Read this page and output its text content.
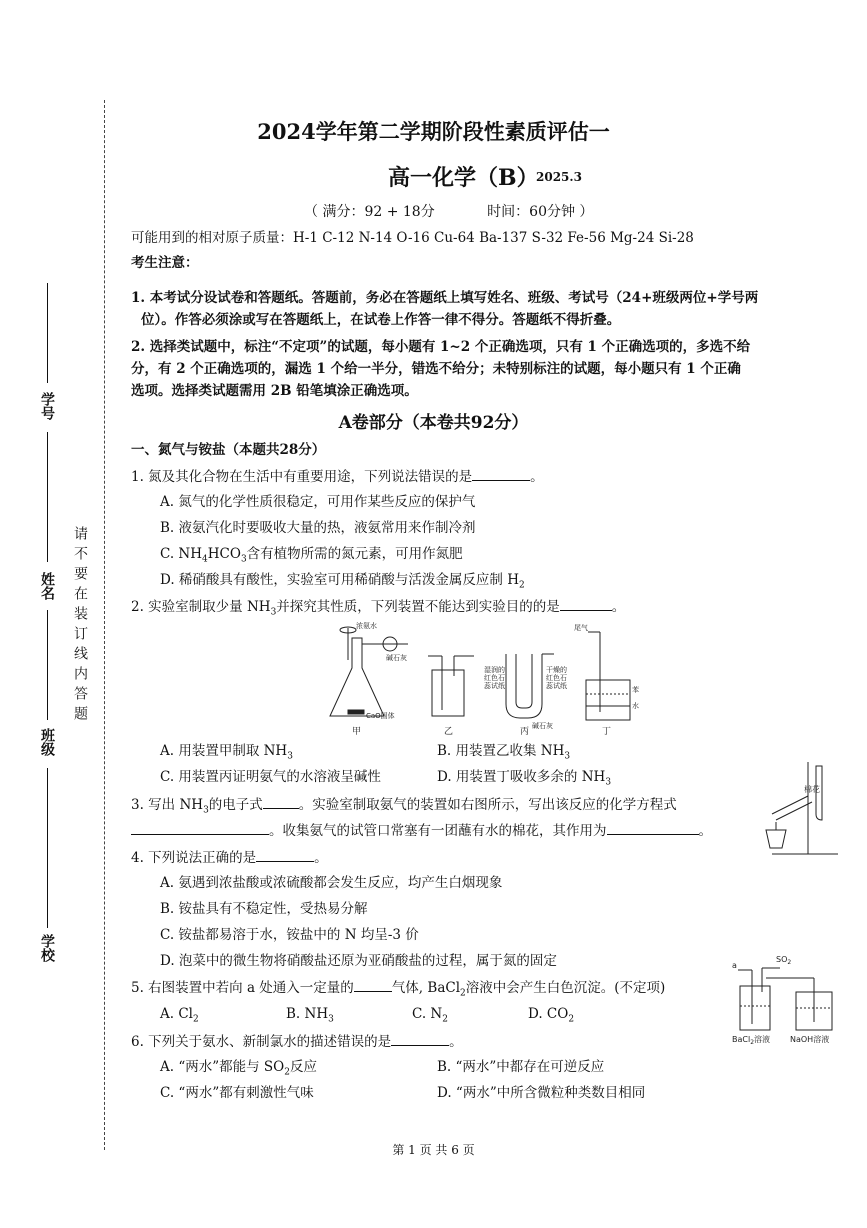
学号
姓名
班级
学校
请不要在装订线内答题
2024学年第二学期阶段性素质评估一
高一化学（B）
2025.3
（ 满分：92 + 18分	时间：60分钟 ）
可能用到的相对原子质量：H-1 C-12 N-14 O-16 Cu-64 Ba-137 S-32 Fe-56 Mg-24 Si-28
考生注意：
1. 本考试分设试卷和答题纸。答题前，务必在答题纸上填写姓名、班级、考试号（24+班级两位+学号两
位）。作答必须涂或写在答题纸上，在试卷上作答一律不得分。答题纸不得折叠。
2. 选择类试题中，标注“不定项”的试题，每小题有 1~2 个正确选项，只有 1 个正确选项的，多选不给
分，有 2 个正确选项的，漏选 1 个给一半分，错选不给分；未特别标注的试题，每小题只有 1 个正确
选项。选择类试题需用 2B 铅笔填涂正确选项。
A卷部分（本卷共92分）
一、氮气与铵盐（本题共28分）
1. 氮及其化合物在生活中有重要用途，下列说法错误的是	。
A. 氮气的化学性质很稳定，可用作某些反应的保护气
B. 液氨汽化时要吸收大量的热，液氨常用来作制冷剂
C. $NH_4HCO_3$含有植物所需的氮元素，可用作氮肥
D. 稀硝酸具有酸性，实验室可用稀硝酸与活泼金属反应制 $H_2$
2. 实验室制取少量 $NH_3$并探究其性质，下列装置不能达到实验目的的是	。
浓氨水
碱石灰
CaO固体
湿润的
红色石
蕊试纸
干燥的
红色石
蕊试纸
碱石灰
尾气
苯
水
甲	乙	丙	丁
A. 用装置甲制取 $NH_3$	B. 用装置乙收集 $NH_3$
C. 用装置丙证明氨气的水溶液呈碱性	D. 用装置丁吸收多余的 $NH_3$
3. 写出 $NH_3$的电子式	。实验室制取氨气的装置如右图所示，写出该反应的化学方程式
。收集氨气的试管口常塞有一团蘸有水的棉花，其作用为	。
棉花
4. 下列说法正确的是	。
A. 氨遇到浓盐酸或浓硫酸都会发生反应，均产生白烟现象
B. 铵盐具有不稳定性，受热易分解
C. 铵盐都易溶于水，铵盐中的 N 均呈-3 价
D. 泡菜中的微生物将硝酸盐还原为亚硝酸盐的过程，属于氮的固定
5. 右图装置中若向 a 处通入一定量的	气体, BaCl$_2$溶液中会产生白色沉淀。(不定项)
A. $Cl_2$	B. $NH_3$	C. $N_2$	D. $CO_2$
$SO_2$
a
BaCl$_2$溶液 NaOH溶液
6. 下列关于氨水、新制氯水的描述错误的是	。
A. “两水”都能与 $SO_2$反应	B. “两水”中都存在可逆反应
C. “两水”都有刺激性气味	D. “两水”中所含微粒种类数目相同
第 1 页 共 6 页
